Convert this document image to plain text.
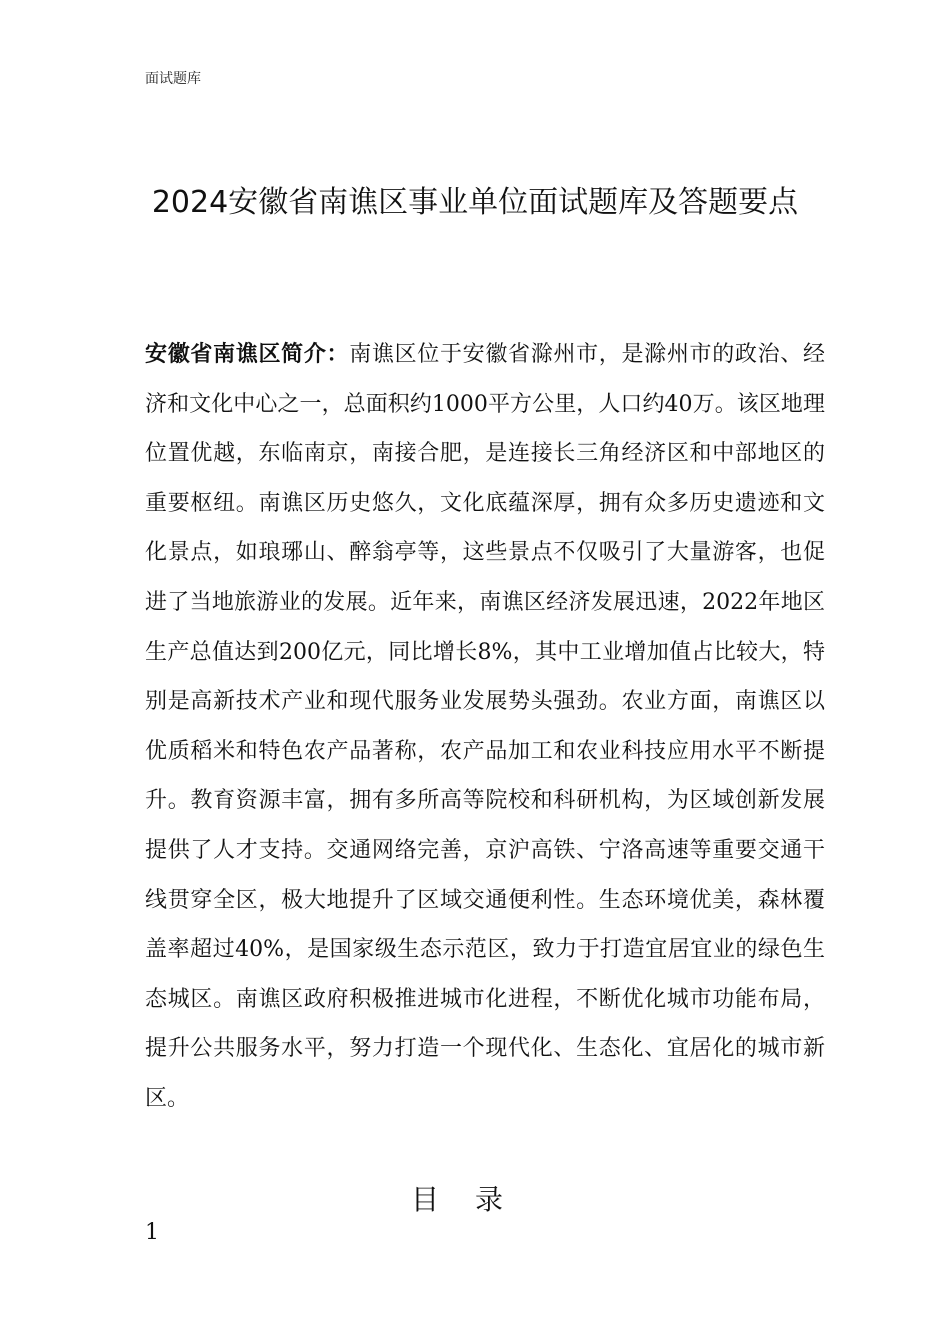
面试题库
2024安徽省南谯区事业单位面试题库及答题要点

安徽省南谯区简介：南谯区位于安徽省滁州市，是滁州市的政治、经济和文化中心之一，总面积约1000平方公里，人口约40万。该区地理位置优越，东临南京，南接合肥，是连接长三角经济区和中部地区的重要枢纽。南谯区历史悠久，文化底蕴深厚，拥有众多历史遗迹和文化景点，如琅琊山、醉翁亭等，这些景点不仅吸引了大量游客，也促进了当地旅游业的发展。近年来，南谯区经济发展迅速，2022年地区生产总值达到200亿元，同比增长8%，其中工业增加值占比较大，特别是高新技术产业和现代服务业发展势头强劲。农业方面，南谯区以优质稻米和特色农产品著称，农产品加工和农业科技应用水平不断提升。教育资源丰富，拥有多所高等院校和科研机构，为区域创新发展提供了人才支持。交通网络完善，京沪高铁、宁洛高速等重要交通干线贯穿全区，极大地提升了区域交通便利性。生态环境优美，森林覆盖率超过40%，是国家级生态示范区，致力于打造宜居宜业的绿色生态城区。南谯区政府积极推进城市化进程，不断优化城市功能布局，提升公共服务水平，努力打造一个现代化、生态化、宜居化的城市新区。

目录
1
